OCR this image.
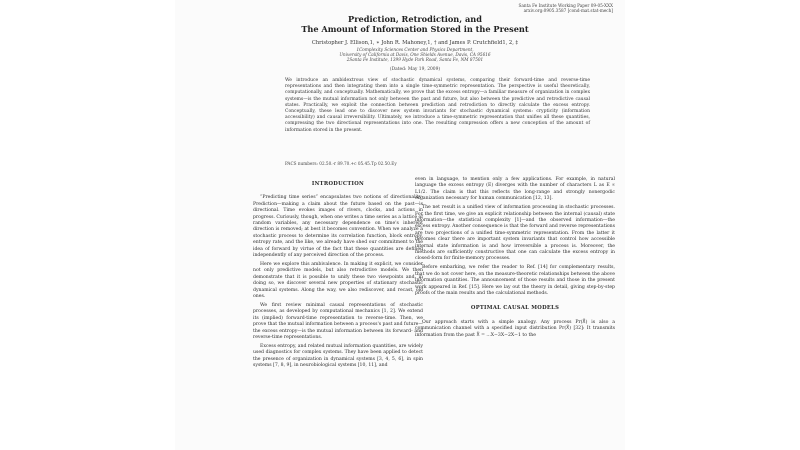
Santa Fe Institute Working Paper 09-05-XXX
arxiv.org:0905.3587 [cond-mat.stat-mech]
Prediction, Retrodiction, and
The Amount of Information Stored in the Present
Christopher J. Ellison,1, ∗ John R. Mahoney,1, † and James P. Crutchfield1, 2, ‡
1Complexity Sciences Center and Physics Department,
University of California at Davis, One Shields Avenue, Davis, CA 95616
2Santa Fe Institute, 1399 Hyde Park Road, Santa Fe, NM 87501
(Dated: May 19, 2009)
We introduce an ambidextrous view of stochastic dynamical systems, comparing their forward-time and reverse-time representations and then integrating them into a single time-symmetric representation. The perspective is useful theoretically, computationally, and conceptually. Mathematically, we prove that the excess entropy—a familiar measure of organization in complex systems—is the mutual information not only between the past and future, but also between the predictive and retrodictive causal states. Practically, we exploit the connection between prediction and retrodiction to directly calculate the excess entropy. Conceptually, these lead one to discover new system invariants for stochastic dynamical systems: crypticity (information accessibility) and causal irreversibility. Ultimately, we introduce a time-symmetric representation that unifies all these quantities, compressing the two directional representations into one. The resulting compression offers a new conception of the amount of information stored in the present.
PACS numbers: 02.50.-r 89.70.+c 05.45.Tp 02.50.Ey
INTRODUCTION

“Predicting time series” encapsulates two notions of directionality: Prediction—making a claim about the future based on the past—is directional. Time evokes images of rivers, clocks, and actions in progress. Curiously, though, when one writes a time series as a lattice of random variables, any necessary dependence on time's inherent direction is removed; at best it becomes convention. When we analyze a stochastic process to determine its correlation function, block entropy, entropy rate, and the like, we already have shed our commitment to the idea of forward by virtue of the fact that these quantities are defined independently of any perceived direction of the process.

Here we explore this ambivalence. In making it explicit, we consider not only predictive models, but also retrodictive models. We then demonstrate that it is possible to unify these two viewpoints and, in doing so, we discover several new properties of stationary stochastic dynamical systems. Along the way, we also rediscover, and recast, old ones.

We first review minimal causal representations of stochastic processes, as developed by computational mechanics [1, 2]. We extend its (implied) forward-time representation to reverse-time. Then, we prove that the mutual information between a process's past and future—the excess entropy—is the mutual information between its forward- and reverse-time representations.

Excess entropy, and related mutual information quantities, are widely used diagnostics for complex systems. They have been applied to detect the presence of organization in dynamical systems [3, 4, 5, 6], in spin systems [7, 8, 9], in neurobiological systems [10, 11], and

even in language, to mention only a few applications. For example, in natural language the excess entropy (E) diverges with the number of characters L as E ∝ L1/2. The claim is that this reflects the long-range and strongly nonergodic organization necessary for human communication [12, 13].

The net result is a unified view of information processing in stochastic processes. For the first time, we give an explicit relationship between the internal (causal) state information—the statistical complexity [1]—and the observed information—the excess entropy. Another consequence is that the forward and reverse representations are two projections of a unified time-symmetric representation. From the latter it becomes clear there are important system invariants that control how accessible internal state information is and how irreversible a process is. Moreover, the methods are sufficiently constructive that one can calculate the excess entropy in closed-form for finite-memory processes.

Before embarking, we refer the reader to Ref. [14] for complementary results, that we do not cover here, on the measure-theoretic relationships between the above information quantities. The announcement of those results and those in the present work appeared in Ref. [15]. Here we lay out the theory in detail, giving step-by-step proofs of the main results and the calculational methods.

OPTIMAL CAUSAL MODELS

Our approach starts with a simple analogy. Any process Pr(X⃡) is also a communication channel with a specified input distribution Pr(X⃖) [32]: It transmits information from the past X⃖ = ...X−3X−2X−1 to the
